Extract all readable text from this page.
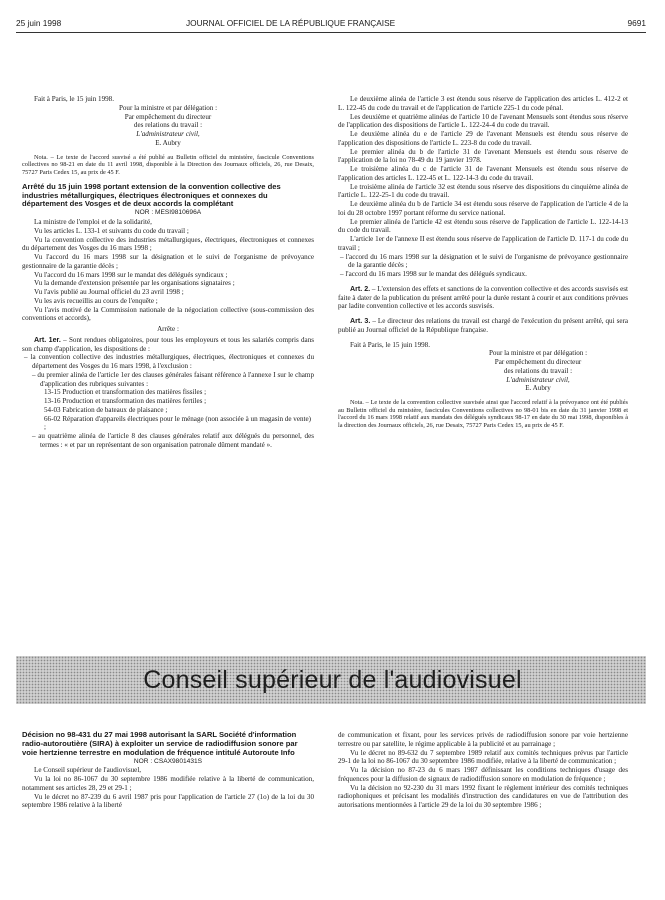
25 juin 1998	JOURNAL OFFICIEL DE LA RÉPUBLIQUE FRANÇAISE	9691

Fait à Paris, le 15 juin 1998.

Pour la ministre et par délégation :
Par empêchement du directeur
des relations du travail :
L'administrateur civil,
E. Aubry

Nota. – Le texte de l'accord susvisé a été publié au Bulletin officiel du ministère, fascicule Conventions collectives no 98-21 en date du 11 avril 1998, disponible à la Direction des Journaux officiels, 26, rue Desaix, 75727 Paris Cedex 15, au prix de 45 F.

Arrêté du 15 juin 1998 portant extension de la convention collective des industries métallurgiques, électriques électroniques et connexes du département des Vosges et de deux accords la complétant

NOR : MESI9810696A

La ministre de l'emploi et de la solidarité,

Vu les articles L. 133-1 et suivants du code du travail ;

Vu la convention collective des industries métallurgiques, électriques, électroniques et connexes du département des Vosges du 16 mars 1998 ;

Vu l'accord du 16 mars 1998 sur la désignation et le suivi de l'organisme de prévoyance gestionnaire de la garantie décès ;

Vu l'accord du 16 mars 1998 sur le mandat des délégués syndicaux ;

Vu la demande d'extension présentée par les organisations signataires ;

Vu l'avis publié au Journal officiel du 23 avril 1998 ;

Vu les avis recueillis au cours de l'enquête ;

Vu l'avis motivé de la Commission nationale de la négociation collective (sous-commission des conventions et accords),

Arrête :

Art. 1er. – Sont rendues obligatoires, pour tous les employeurs et tous les salariés compris dans son champ d'application, les dispositions de :

– la convention collective des industries métallurgiques, électriques, électroniques et connexes du département des Vosges du 16 mars 1998, à l'exclusion :

– du premier alinéa de l'article 1er des clauses générales faisant référence à l'annexe I sur le champ d'application des rubriques suivantes :

13-15 Production et transformation des matières fissiles ;

13-16 Production et transformation des matières fertiles ;

54-03 Fabrication de bateaux de plaisance ;

66-02 Réparation d'appareils électriques pour le ménage (non associée à un magasin de vente) ;

– au quatrième alinéa de l'article 8 des clauses générales relatif aux délégués du personnel, des termes : « et par un représentant de son organisation patronale dûment mandaté ».

Le deuxième alinéa de l'article 3 est étendu sous réserve de l'application des articles L. 412-2 et L. 122-45 du code du travail et de l'application de l'article 225-1 du code pénal.

Les deuxième et quatrième alinéas de l'article 10 de l'avenant Mensuels sont étendus sous réserve de l'application des dispositions de l'article L. 122-24-4 du code du travail.

Le deuxième alinéa du e de l'article 29 de l'avenant Mensuels est étendu sous réserve de l'application des dispositions de l'article L. 223-8 du code du travail.

Le premier alinéa du b de l'article 31 de l'avenant Mensuels est étendu sous réserve de l'application de la loi no 78-49 du 19 janvier 1978.

Le troisième alinéa du c de l'article 31 de l'avenant Mensuels est étendu sous réserve de l'application des articles L. 122-45 et L. 122-14-3 du code du travail.

Le troisième alinéa de l'article 32 est étendu sous réserve des dispositions du cinquième alinéa de l'article L. 122-25-1 du code du travail.

Le deuxième alinéa du b de l'article 34 est étendu sous réserve de l'application de l'article 4 de la loi du 28 octobre 1997 portant réforme du service national.

Le premier alinéa de l'article 42 est étendu sous réserve de l'application de l'article L. 122-14-13 du code du travail.

L'article 1er de l'annexe II est étendu sous réserve de l'application de l'article D. 117-1 du code du travail ;

– l'accord du 16 mars 1998 sur la désignation et le suivi de l'organisme de prévoyance gestionnaire de la garantie décès ;

– l'accord du 16 mars 1998 sur le mandat des délégués syndicaux.

Art. 2. – L'extension des effets et sanctions de la convention collective et des accords susvisés est faite à dater de la publication du présent arrêté pour la durée restant à courir et aux conditions prévues par ladite convention collective et les accords susvisés.

Art. 3. – Le directeur des relations du travail est chargé de l'exécution du présent arrêté, qui sera publié au Journal officiel de la République française.

Fait à Paris, le 15 juin 1998.

Pour la ministre et par délégation :
Par empêchement du directeur
des relations du travail :
L'administrateur civil,
E. Aubry

Nota. – Le texte de la convention collective susvisée ainsi que l'accord relatif à la prévoyance ont été publiés au Bulletin officiel du ministère, fascicules Conventions collectives no 98-01 bis en date du 31 janvier 1998 et l'accord du 16 mars 1998 relatif aux mandats des délégués syndicaux 98-17 en date du 30 mai 1998, disponibles à la direction des Journaux officiels, 26, rue Desaix, 75727 Paris Cedex 15, au prix de 45 F.

Conseil supérieur de l'audiovisuel

Décision no 98-431 du 27 mai 1998 autorisant la SARL Société d'information radio-autoroutière (SIRA) à exploiter un service de radiodiffusion sonore par voie hertzienne terrestre en modulation de fréquence intitulé Autoroute Info

NOR : CSAX9801431S

Le Conseil supérieur de l'audiovisuel,

Vu la loi no 86-1067 du 30 septembre 1986 modifiée relative à la liberté de communication, notamment ses articles 28, 29 et 29-1 ;

Vu le décret no 87-239 du 6 avril 1987 pris pour l'application de l'article 27 (1o) de la loi du 30 septembre 1986 relative à la liberté

de communication et fixant, pour les services privés de radiodiffusion sonore par voie hertzienne terrestre ou par satellite, le régime applicable à la publicité et au parrainage ;

Vu le décret no 89-632 du 7 septembre 1989 relatif aux comités techniques prévus par l'article 29-1 de la loi no 86-1067 du 30 septembre 1986 modifiée, relative à la liberté de communication ;

Vu la décision no 87-23 du 6 mars 1987 définissant les conditions techniques d'usage des fréquences pour la diffusion de signaux de radiodiffusion sonore en modulation de fréquence ;

Vu la décision no 92-230 du 31 mars 1992 fixant le règlement intérieur des comités techniques radiophoniques et précisant les modalités d'instruction des candidatures en vue de l'attribution des autorisations mentionnées à l'article 29 de la loi du 30 septembre 1986 ;
